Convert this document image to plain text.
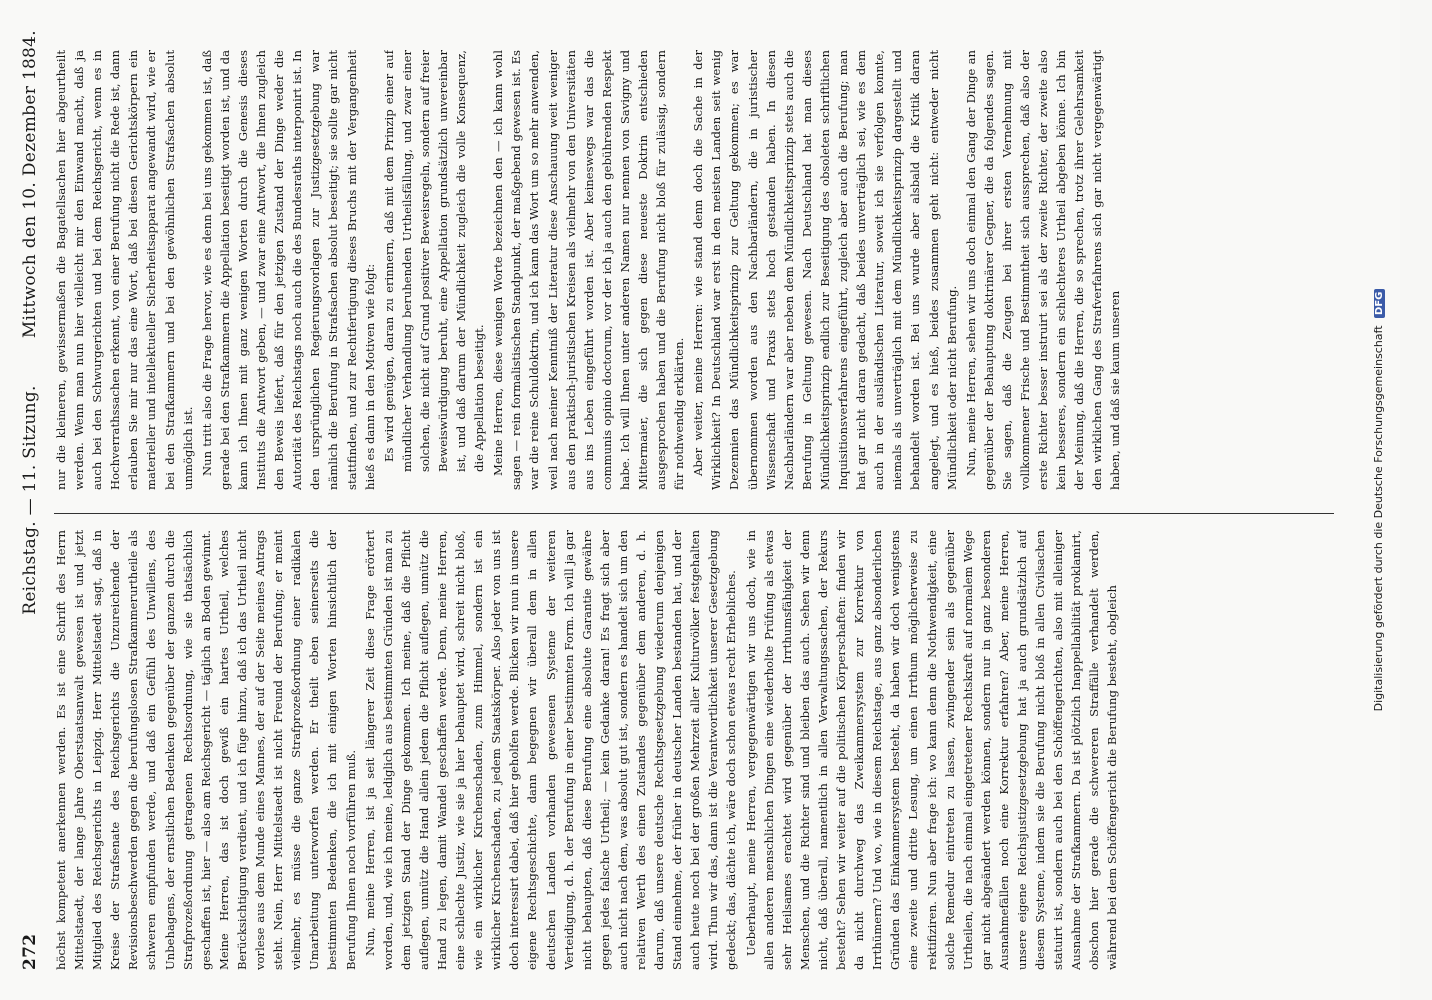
272
Reichstag. — 11. Sitzung.
Mittwoch den 10. Dezember 1884.

höchst kompetent anerkennen werden. Es ist eine Schrift des Herrn Mittelstaedt, der lange Jahre Oberstaatsanwalt gewesen ist und jetzt Mitglied des Reichsgerichts in Leipzig. Herr Mittelstaedt sagt, daß in Kreise der Strafsenate des Reichsgerichts die Unzureichende der Revisionsbeschwerden gegen die berufungslosen Strafkammerurtheile als schweren empfunden werde, und daß ein Gefühl des Unwillens, des Unbehagens, der ernstlichen Bedenken gegenüber der ganzen durch die Strafprozeßordnung getragenen Rechtsordnung, wie sie thatsächlich geschaffen ist, hier — also am Reichsgericht — täglich an Boden gewinnt. Meine Herren, das ist doch gewiß ein hartes Urtheil, welches Berücksichtigung verdient, und ich füge hinzu, daß ich das Urtheil nicht vorlese aus dem Munde eines Mannes, der auf der Seite meines Antrags steht. Nein, Herr Mittelstaedt ist nicht Freund der Berufung; er meint vielmehr, es müsse die ganze Strafprozeßordnung einer radikalen Umarbeitung unterworfen werden. Er theilt eben seinerseits die bestimmten Bedenken, die ich mit einigen Worten hinsichtlich der Berufung Ihnen noch vorführen muß. Nun, meine Herren, ist ja seit längerer Zeit diese Frage erörtert worden, und, wie ich meine, lediglich aus bestimmten Gründen ist man zu dem jetzigen Stand der Dinge gekommen. Ich meine, daß die Pflicht auflegen, unnütz die Hand allein jedem die Pflicht auflegen, unnütz die Hand zu legen, damit Wandel geschaffen werde. Denn, meine Herren, eine schlechte Justiz, wie sie ja hier behauptet wird, schreit nicht bloß, wie ein wirklicher Kirchenschaden, zum Himmel, sondern ist ein wirklicher Kirchenschaden, zu jedem Staatskörper. Also jeder von uns ist doch interessirt dabei, daß hier geholfen werde. Blicken wir nun in unsere eigene Rechtsgeschichte, dann begegnen wir überall dem in allen deutschen Landen vorhanden gewesenen Systeme der weiteren Verteidigung, d. h. der Berufung in einer bestimmten Form. Ich will ja gar nicht behaupten, daß diese Berufung eine absolute Garantie gewähre gegen jedes falsche Urtheil; — kein Gedanke daran! Es fragt sich aber auch nicht nach dem, was absolut gut ist, sondern es handelt sich um den relativen Werth des einen Zustandes gegenüber dem anderen, d. h. darum, daß unsere deutsche Rechtsgesetzgebung wiederum denjenigen Stand einnehme, der früher in deutscher Landen bestanden hat, und der auch heute noch bei der großen Mehrzeit aller Kulturvölker festgehalten wird. Thun wir das, dann ist die Verantwortlichkeit unserer Gesetzgebung gedeckt; das, dächte ich, wäre doch schon etwas recht Erhebliches. Ueberhaupt, meine Herren, vergegenwärtigen wir uns doch, wie in allen anderen menschlichen Dingen eine wiederholte Prüfung als etwas sehr Heilsames erachtet wird gegenüber der Irrthumsfähigkeit der Menschen, und die Richter sind und bleiben das auch. Sehen wir denn nicht, daß überall, namentlich in allen Verwaltungssachen, der Rekurs besteht? Sehen wir weiter auf die politischen Körperschaften: finden wir da nicht durchweg das Zweikammersystem zur Korrektur von Irrthümern? Und wo, wie in diesem Reichstage, aus ganz absonderlichen Gründen das Einkammersystem besteht, da haben wir doch wenigstens eine zweite und dritte Lesung, um einen Irrthum möglicherweise zu rektifiziren. Nun aber frage ich: wo kann denn die Nothwendigkeit, eine solche Remedur eintreten zu lassen, zwingender sein als gegenüber Urtheilen, die nach einmal eingetretener Rechtskraft auf normalem Wege gar nicht abgeändert werden können, sondern nur in ganz besonderen Ausnahmefällen noch eine Korrektur erfahren? Aber, meine Herren, unsere eigene Reichsjustizgesetzgebung hat ja auch grundsätzlich auf diesem Systeme, indem sie die Berufung nicht bloß in allen Civilsachen statuirt ist, sondern auch bei den Schöffengerichten, also mit alleiniger Ausnahme der Strafkammern. Da ist plötzlich Inappellabilität proklamirt, obschon hier gerade die schwereren Straffälle verhandelt werden, während bei dem Schöffengericht die Berufung besteht, obgleich

nur die kleineren, gewissermaßen die Bagatellsachen hier abgeurtheilt werden. Wenn man nun hier vielleicht mir den Einwand macht, daß ja auch bei den Schwurgerichten und bei dem Reichsgericht, wenn es in Hochverrathssachen erkennt, von einer Berufung nicht die Rede ist, dann erlauben Sie mir nur das eine Wort, daß bei diesen Gerichtskörpern ein materieller und intellektueller Sicherheitsapparat angewandt wird, wie er bei den Strafkammern und bei den gewöhnlichen Strafsachen absolut unmöglich ist. Nun tritt also die Frage hervor, wie es denn bei uns gekommen ist, daß gerade bei den Strafkammern die Appellation beseitigt worden ist, und da kann ich Ihnen mit ganz wenigen Worten durch die Genesis dieses Instituts die Antwort geben, — und zwar eine Antwort, die Ihnen zugleich den Beweis liefert, daß für den jetzigen Zustand der Dinge weder die Autorität des Reichstags noch auch die des Bundesraths interponirt ist. In den ursprünglichen Regierungsvorlagen zur Justizgesetzgebung war nämlich die Berufung in Strafsachen absolut beseitigt; sie sollte gar nicht stattfinden, und zur Rechtfertigung dieses Bruchs mit der Vergangenheit hieß es dann in den Motiven wie folgt: Es wird genügen, daran zu erinnern, daß mit dem Prinzip einer auf mündlicher Verhandlung beruhenden Urtheilsfällung, und zwar einer solchen, die nicht auf Grund positiver Beweisregeln, sondern auf freier Beweiswürdigung beruht, eine Appellation grundsätzlich unvereinbar ist, und daß darum der Mündlichkeit zugleich die volle Konsequenz, die Appellation beseitigt. Meine Herren, diese wenigen Worte bezeichnen den — ich kann wohl sagen — rein formalistischen Standpunkt, der maßgebend gewesen ist. Es war die reine Schuldoktrin, und ich kann das Wort um so mehr anwenden, weil nach meiner Kenntniß der Literatur diese Anschauung weit weniger aus den praktisch-juristischen Kreisen als vielmehr von den Universitäten aus ins Leben eingeführt worden ist. Aber keineswegs war das die communis opinio doctorum, vor der ich ja auch den gebührenden Respekt habe. Ich will Ihnen unter anderen Namen nur nennen von Savigny und Mittermaier, die sich gegen diese neueste Doktrin entschieden ausgesprochen haben und die Berufung nicht bloß für zulässig, sondern für nothwendig erklärten. Aber weiter, meine Herren: wie stand denn doch die Sache in der Wirklichkeit? In Deutschland war erst in den meisten Landen seit wenig Dezennien das Mündlichkeitsprinzip zur Geltung gekommen; es war übernommen worden aus den Nachbarländern, die in juristischer Wissenschaft und Praxis stets hoch gestanden haben. In diesen Nachbarländern war aber neben dem Mündlichkeitsprinzip stets auch die Berufung in Geltung gewesen. Nach Deutschland hat man dieses Mündlichkeitsprinzip endlich zur Beseitigung des obsoleten schriftlichen Inquisitionsverfahrens eingeführt, zugleich aber auch die Berufung; man hat gar nicht daran gedacht, daß beides unverträglich sei, wie es dem auch in der ausländischen Literatur, soweit ich sie verfolgen konnte, niemals als unverträglich mit dem Mündlichkeitsprinzip dargestellt und behandelt worden ist. Bei uns wurde aber alsbald die Kritik daran angelegt, und es hieß, beides zusammen geht nicht: entweder nicht Mündlichkeit oder nicht Berufung. Nun, meine Herren, sehen wir uns doch einmal den Gang der Dinge an gegenüber der Behauptung doktrinärer Gegner, die da folgendes sagen. Sie sagen, daß die Zeugen bei ihrer ersten Vernehmung mit vollkommener Frische und Bestimmtheit sich aussprechen, daß also der erste Richter besser instruirt sei als der zweite Richter, der zweite also kein besseres, sondern ein schlechteres Urtheil abgeben könne. Ich bin der Meinung, daß die Herren, die so sprechen, trotz ihrer Gelehrsamkeit den wirklichen Gang des Strafverfahrens sich gar nicht vergegenwärtigt haben, und daß sie kaum unseren	Digitalisierung gefördert durch die Deutsche Forschungsgemeinschaft DFG
